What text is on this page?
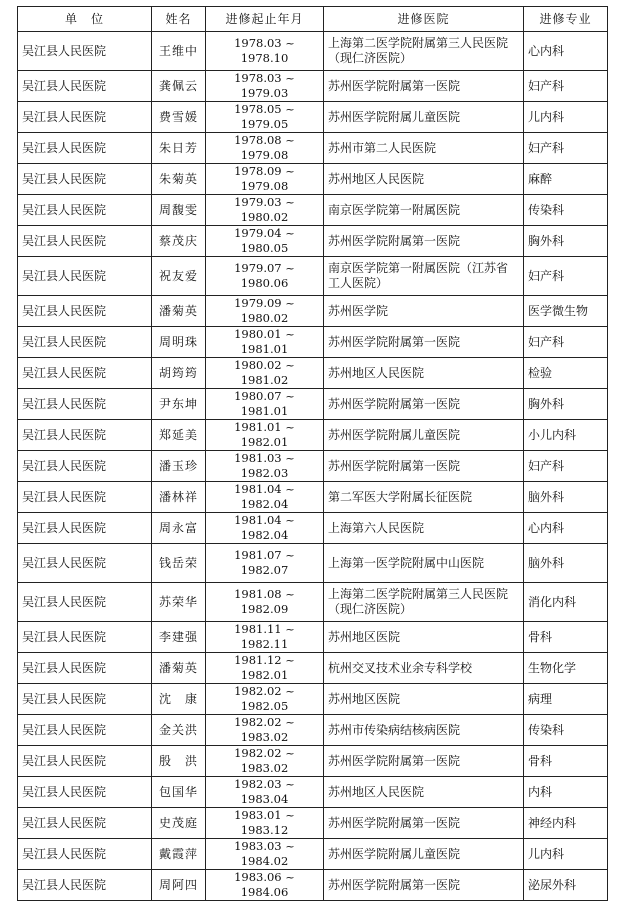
单　位	姓名	进修起止年月	进修医院	进修专业
吴江县人民医院	王维中	1978.03 ~ 1978.10	上海第二医学院附属第三人民医院（现仁济医院）	心内科
吴江县人民医院	龚佩云	1978.03 ~ 1979.03	苏州医学院附属第一医院	妇产科
吴江县人民医院	费雪媛	1978.05 ~ 1979.05	苏州医学院附属儿童医院	儿内科
吴江县人民医院	朱日芳	1978.08 ~ 1979.08	苏州市第二人民医院	妇产科
吴江县人民医院	朱菊英	1978.09 ~ 1979.08	苏州地区人民医院	麻醉
吴江县人民医院	周馥雯	1979.03 ~ 1980.02	南京医学院第一附属医院	传染科
吴江县人民医院	蔡茂庆	1979.04 ~ 1980.05	苏州医学院附属第一医院	胸外科
吴江县人民医院	祝友爱	1979.07 ~ 1980.06	南京医学院第一附属医院（江苏省工人医院）	妇产科
吴江县人民医院	潘菊英	1979.09 ~ 1980.02	苏州医学院	医学微生物
吴江县人民医院	周明珠	1980.01 ~ 1981.01	苏州医学院附属第一医院	妇产科
吴江县人民医院	胡筠筠	1980.02 ~ 1981.02	苏州地区人民医院	检验
吴江县人民医院	尹东坤	1980.07 ~ 1981.01	苏州医学院附属第一医院	胸外科
吴江县人民医院	郑延美	1981.01 ~ 1982.01	苏州医学院附属儿童医院	小儿内科
吴江县人民医院	潘玉珍	1981.03 ~ 1982.03	苏州医学院附属第一医院	妇产科
吴江县人民医院	潘林祥	1981.04 ~ 1982.04	第二军医大学附属长征医院	脑外科
吴江县人民医院	周永富	1981.04 ~ 1982.04	上海第六人民医院	心内科
吴江县人民医院	钱岳荣	1981.07 ~ 1982.07	上海第一医学院附属中山医院	脑外科
吴江县人民医院	苏荣华	1981.08 ~ 1982.09	上海第二医学院附属第三人民医院（现仁济医院）	消化内科
吴江县人民医院	李建强	1981.11 ~ 1982.11	苏州地区医院	骨科
吴江县人民医院	潘菊英	1981.12 ~ 1982.01	杭州交叉技术业余专科学校	生物化学
吴江县人民医院	沈　康	1982.02 ~ 1982.05	苏州地区医院	病理
吴江县人民医院	金关洪	1982.02 ~ 1983.02	苏州市传染病结核病医院	传染科
吴江县人民医院	殷　洪	1982.02 ~ 1983.02	苏州医学院附属第一医院	骨科
吴江县人民医院	包国华	1982.03 ~ 1983.04	苏州地区人民医院	内科
吴江县人民医院	史茂庭	1983.01 ~ 1983.12	苏州医学院附属第一医院	神经内科
吴江县人民医院	戴霞萍	1983.03 ~ 1984.02	苏州医学院附属儿童医院	儿内科
吴江县人民医院	周阿四	1983.06 ~ 1984.06	苏州医学院附属第一医院	泌尿外科
